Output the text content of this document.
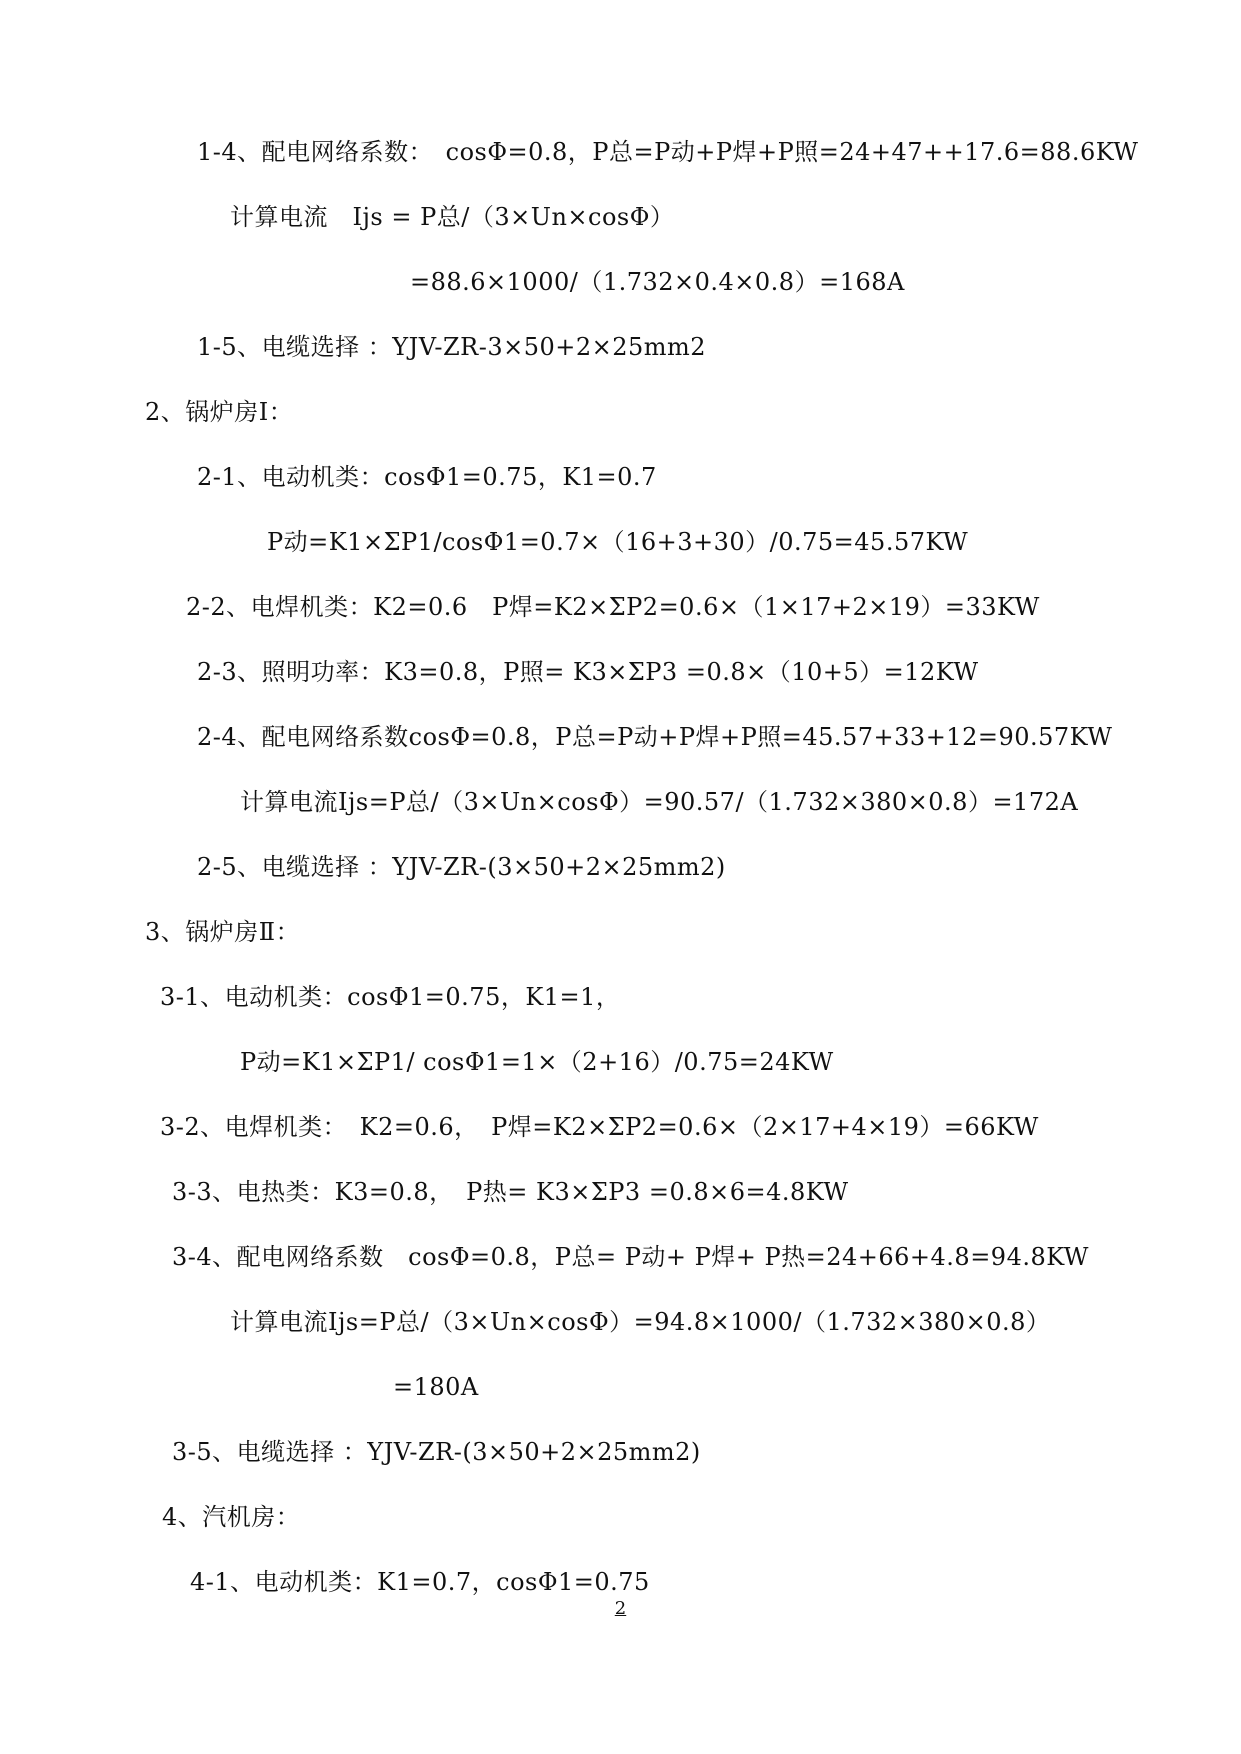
1-4、配电网络系数：　cosΦ=0.8，P总=P动+P焊+P照=24+47++17.6=88.6KW
计算电流　Ijs = P总/（3×Un×cosΦ）
=88.6×1000/（1.732×0.4×0.8）=168A
1-5、电缆选择 ：YJV-ZR-3×50+2×25mm2
2、锅炉房Ⅰ：
2-1、电动机类：cosΦ1=0.75，K1=0.7
P动=K1×ΣP1/cosΦ1=0.7×（16+3+30）/0.75=45.57KW
2-2、电焊机类：K2=0.6　P焊=K2×ΣP2=0.6×（1×17+2×19）=33KW
2-3、照明功率：K3=0.8，P照= K3×ΣP3 =0.8×（10+5）=12KW
2-4、配电网络系数cosΦ=0.8，P总=P动+P焊+P照=45.57+33+12=90.57KW
计算电流Ijs=P总/（3×Un×cosΦ）=90.57/（1.732×380×0.8）=172A
2-5、电缆选择 ：YJV-ZR-(3×50+2×25mm2)
3、锅炉房Ⅱ：
3-1、电动机类：cosΦ1=0.75，K1=1，
P动=K1×ΣP1/ cosΦ1=1×（2+16）/0.75=24KW
3-2、电焊机类：　K2=0.6，　P焊=K2×ΣP2=0.6×（2×17+4×19）=66KW
3-3、电热类：K3=0.8，　P热= K3×ΣP3 =0.8×6=4.8KW
3-4、配电网络系数　cosΦ=0.8，P总= P动+ P焊+ P热=24+66+4.8=94.8KW
计算电流Ijs=P总/（3×Un×cosΦ）=94.8×1000/（1.732×380×0.8）
=180A
3-5、电缆选择 ：YJV-ZR-(3×50+2×25mm2)
4、汽机房：
4-1、电动机类：K1=0.7，cosΦ1=0.75
2
